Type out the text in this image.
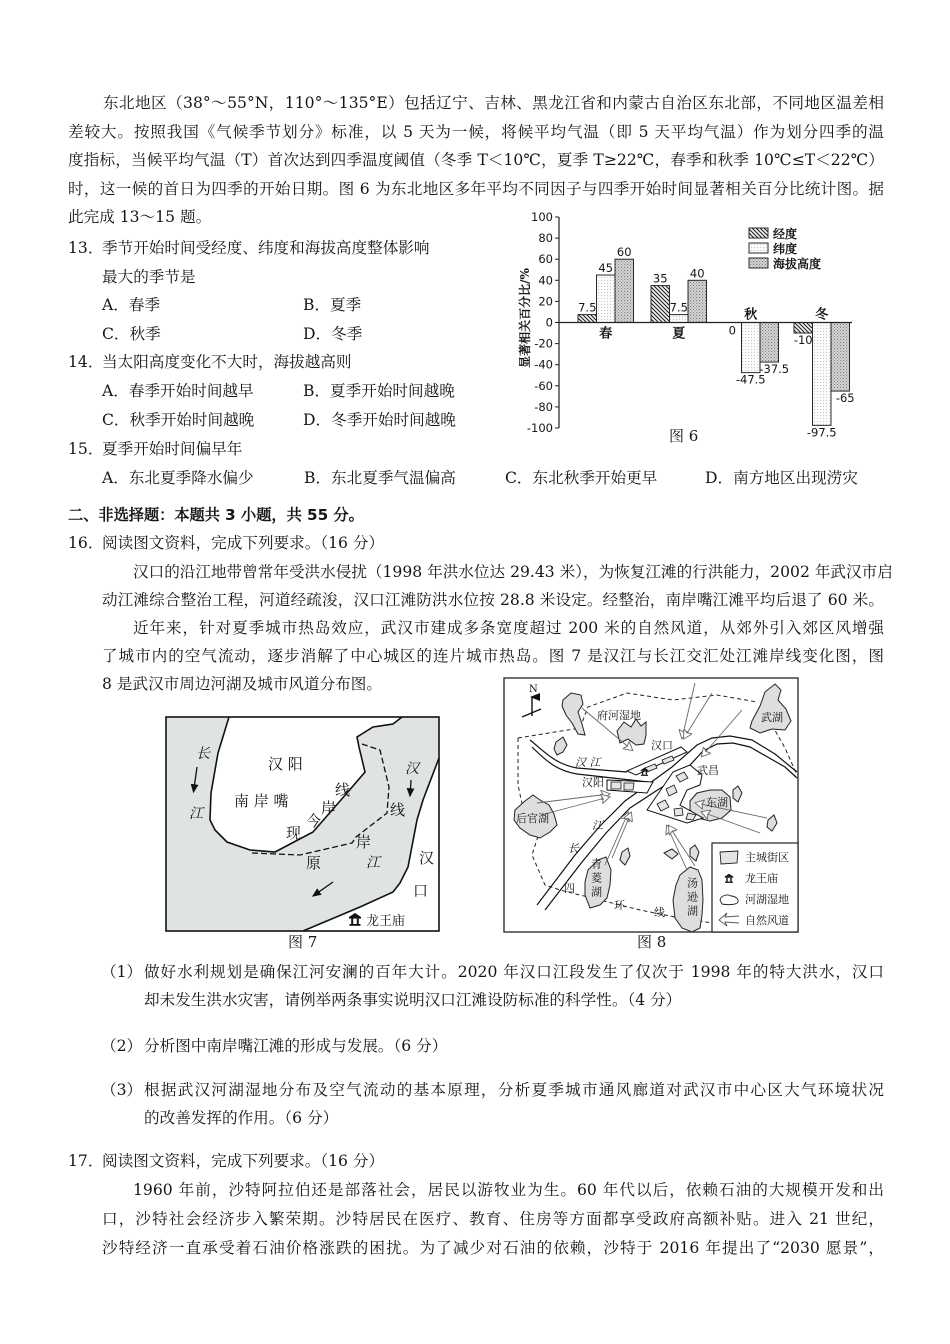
东北地区（38°～55°N，110°～135°E）包括辽宁、吉林、黑龙江省和内蒙古自治区东北部，不同地区温差相
差较大。按照我国《气候季节划分》标准，以 5 天为一候，将候平均气温（即 5 天平均气温）作为划分四季的温
度指标，当候平均气温（T）首次达到四季温度阈值（冬季 T＜10℃，夏季 T≥22℃，春季和秋季 10℃≤T＜22℃）
时，这一候的首日为四季的开始日期。图 6 为东北地区多年平均不同因子与四季开始时间显著相关百分比统计图。据
此完成 13～15 题。
13．
季节开始时间受经度、纬度和海拔高度整体影响
最大的季节是
A．春季	B．夏季
C．秋季	D．冬季
14．
当太阳高度变化不大时，海拔越高则
A．春季开始时间越早	B．夏季开始时间越晚
C．秋季开始时间越晚	D．冬季开始时间越晚
15．
夏季开始时间偏早年
A．东北夏季降水偏少	B．东北夏季气温偏高	C．东北秋季开始更早	D．南方地区出现涝灾
二、非选择题：本题共 3 小题，共 55 分。
16．
阅读图文资料，完成下列要求。（16 分）
汉口的沿江地带曾常年受洪水侵扰（1998 年洪水位达 29.43 米），为恢复江滩的行洪能力，2002 年武汉市启
动江滩综合整治工程，河道经疏浚，汉口江滩防洪水位按 28.8 米设定。经整治，南岸嘴江滩平均后退了 60 米。
近年来，针对夏季城市热岛效应，武汉市建成多条宽度超过 200 米的自然风道，从郊外引入郊区风增强
了城市内的空气流动，逐步消解了中心城区的连片城市热岛。图 7 是汉江与长江交汇处江滩岸线变化图，图
8 是武汉市周边河湖及城市风道分布图。
-100
-80
-60
-40
-20
0
20
40
60
80
100
7.5
45
60
春
35
7.5
40
夏	0
-47.5
-37.5
秋
-10
-97.5
-65
冬
经度
纬度
海拔高度
显著相关百分比/%
图 6
长
江
汉 阳
南 岸 嘴
现
今
岸
线
汉
线
岸
原	江	汉
口
龙王庙
图 7
N
府河湿地
汉口
汉 江
汉阳
武昌
武湖
东湖
后官湖
江
长
青菱湖
四
环
线 汤逊湖
主城街区
龙王庙
河湖湿地
自然风道
图 8
（1） 做好水利规划是确保江河安澜的百年大计。2020 年汉口江段发生了仅次于 1998 年的特大洪水，汉口
却未发生洪水灾害，请例举两条事实说明汉口江滩设防标准的科学性。（4 分）
（2） 分析图中南岸嘴江滩的形成与发展。（6 分）
（3） 根据武汉河湖湿地分布及空气流动的基本原理，分析夏季城市通风廊道对武汉市中心区大气环境状况
的改善发挥的作用。（6 分）
17．
阅读图文资料，完成下列要求。（16 分）
1960 年前，沙特阿拉伯还是部落社会，居民以游牧业为生。60 年代以后，依赖石油的大规模开发和出
口，沙特社会经济步入繁荣期。沙特居民在医疗、教育、住房等方面都享受政府高额补贴。进入 21 世纪，
沙特经济一直承受着石油价格涨跌的困扰。为了减少对石油的依赖，沙特于 2016 年提出了“2030 愿景”，
